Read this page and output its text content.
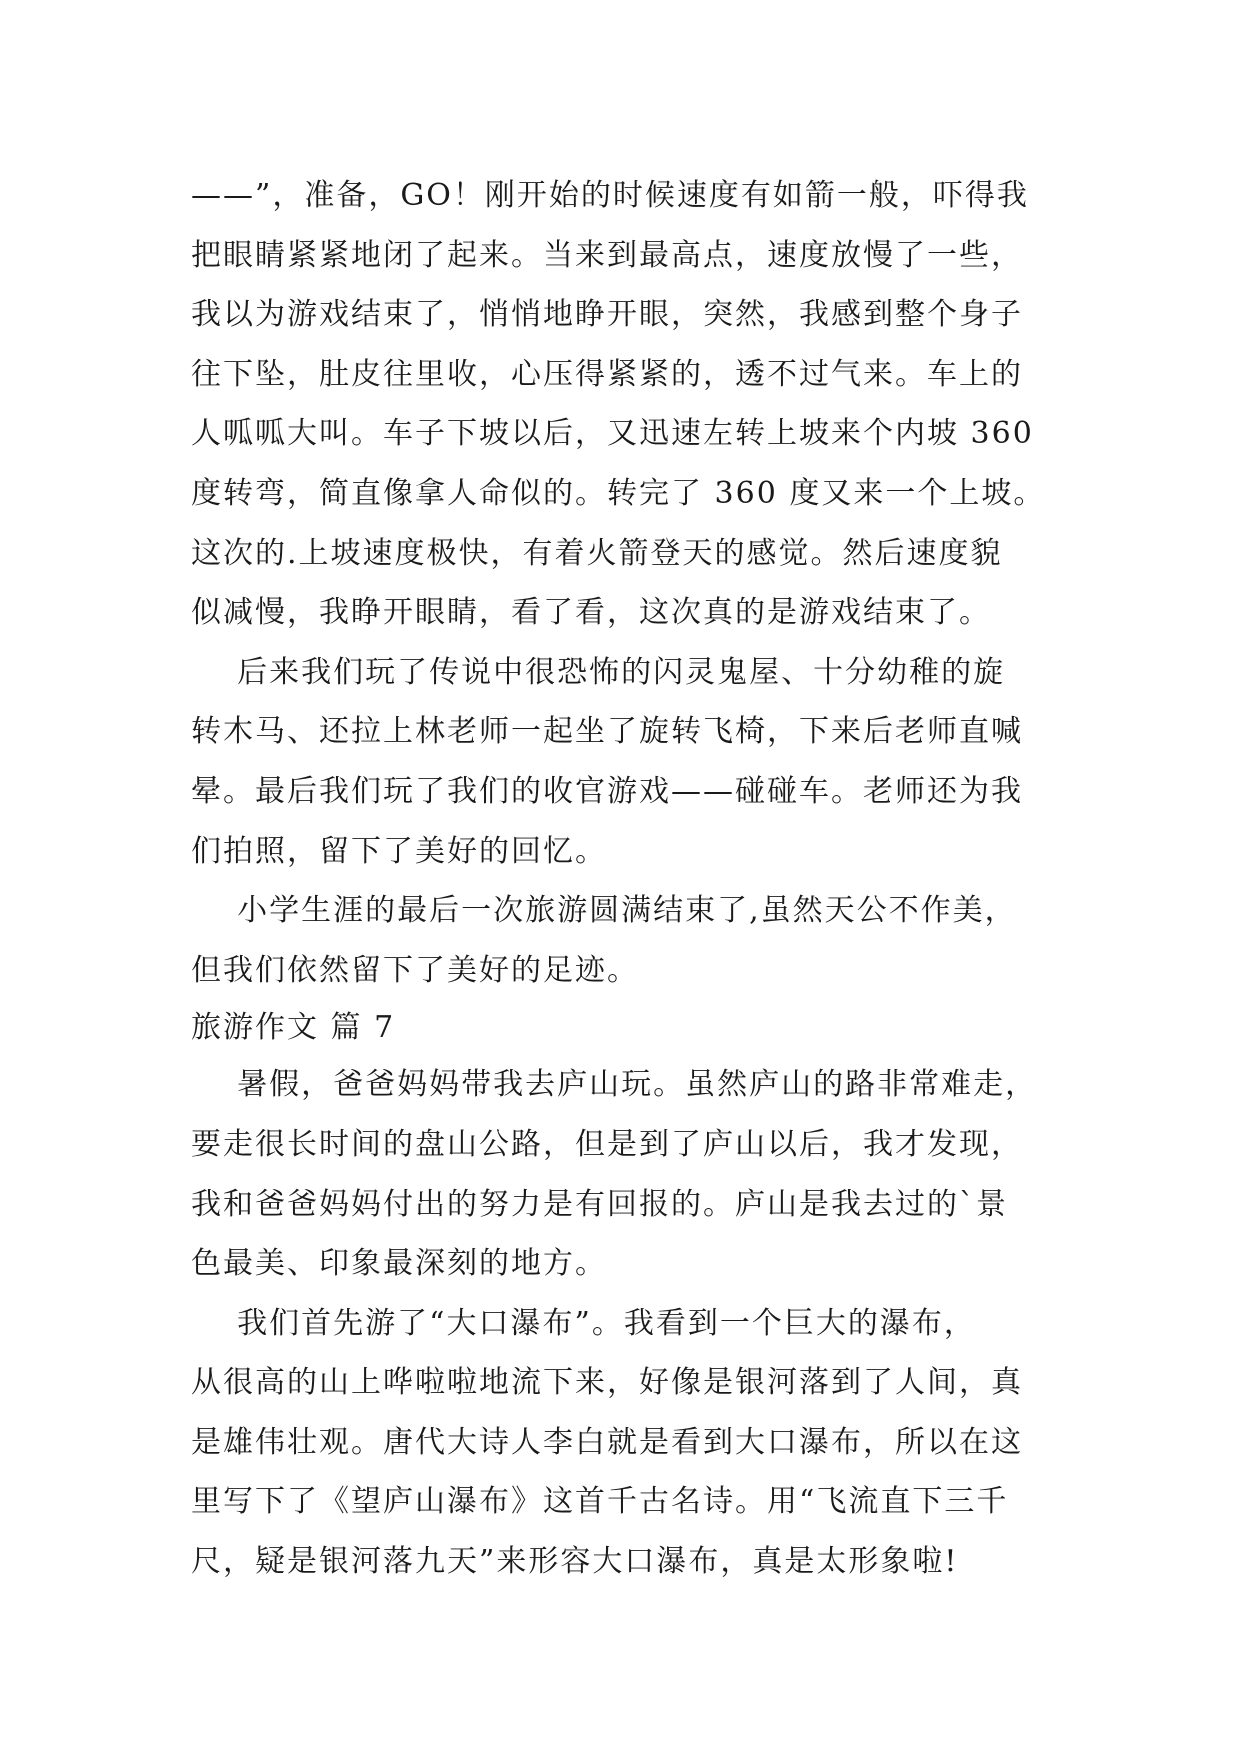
——”，准备，GO！刚开始的时候速度有如箭一般，吓得我
把眼睛紧紧地闭了起来。当来到最高点，速度放慢了一些，
我以为游戏结束了，悄悄地睁开眼，突然，我感到整个身子
往下坠，肚皮往里收，心压得紧紧的，透不过气来。车上的
人呱呱大叫。车子下坡以后，又迅速左转上坡来个内坡 360
度转弯，简直像拿人命似的。转完了 360 度又来一个上坡。
这次的.上坡速度极快，有着火箭登天的感觉。然后速度貌
似减慢，我睁开眼睛，看了看，这次真的是游戏结束了。
后来我们玩了传说中很恐怖的闪灵鬼屋、十分幼稚的旋
转木马、还拉上林老师一起坐了旋转飞椅，下来后老师直喊
晕。最后我们玩了我们的收官游戏——碰碰车。老师还为我
们拍照，留下了美好的回忆。
小学生涯的最后一次旅游圆满结束了,虽然天公不作美，
但我们依然留下了美好的足迹。
旅游作文 篇 7
暑假，爸爸妈妈带我去庐山玩。虽然庐山的路非常难走，
要走很长时间的盘山公路，但是到了庐山以后，我才发现，
我和爸爸妈妈付出的努力是有回报的。庐山是我去过的`景
色最美、印象最深刻的地方。
我们首先游了“大口瀑布”。我看到一个巨大的瀑布，
从很高的山上哗啦啦地流下来，好像是银河落到了人间，真
是雄伟壮观。唐代大诗人李白就是看到大口瀑布，所以在这
里写下了《望庐山瀑布》这首千古名诗。用“飞流直下三千
尺，疑是银河落九天”来形容大口瀑布，真是太形象啦!
